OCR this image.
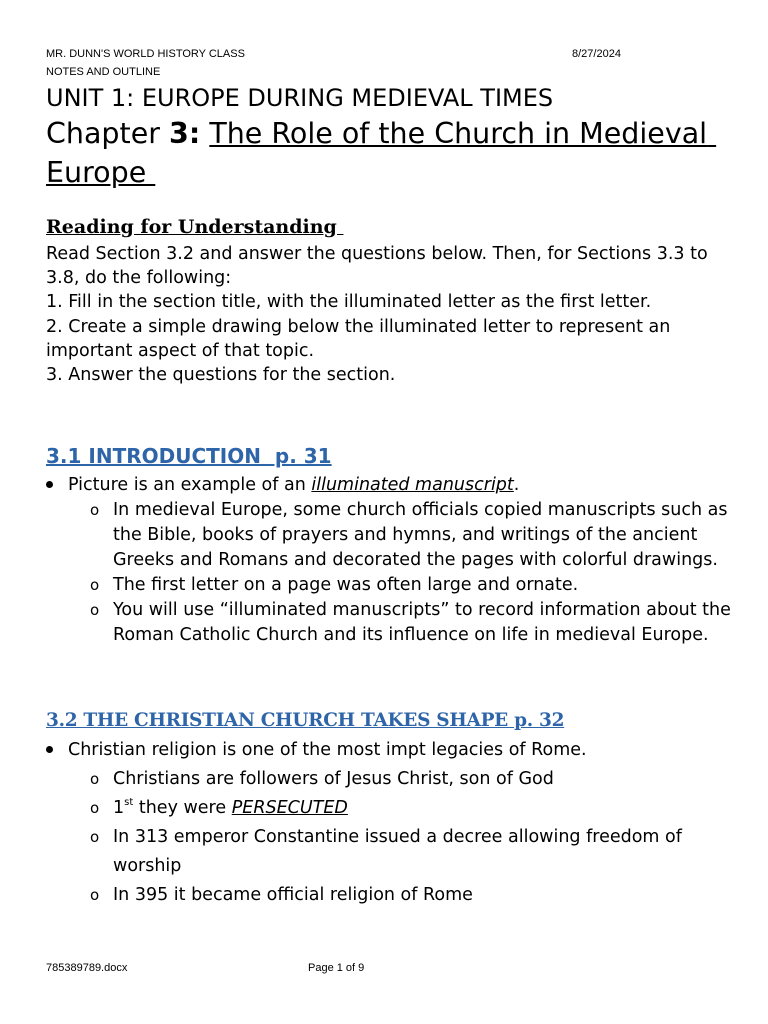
MR. DUNN'S WORLD HISTORY CLASS	8/27/2024
NOTES AND OUTLINE
UNIT 1: EUROPE DURING MEDIEVAL TIMES
Chapter 3: The Role of the Church in Medieval Europe
Reading for Understanding

Read Section 3.2 and answer the questions below. Then, for Sections 3.3 to 3.8, do the following:

1. Fill in the section title, with the illuminated letter as the first letter.

2. Create a simple drawing below the illuminated letter to represent an important aspect of that topic.

3. Answer the questions for the section.

3.1 INTRODUCTION  p. 31
Picture is an example of an illuminated manuscript.
o In medieval Europe, some church officials copied manuscripts such as the Bible, books of prayers and hymns, and writings of the ancient Greeks and Romans and decorated the pages with colorful drawings.
o The first letter on a page was often large and ornate.
o You will use “illuminated manuscripts” to record information about the Roman Catholic Church and its influence on life in medieval Europe.
3.2 THE CHRISTIAN CHURCH TAKES SHAPE p. 32
Christian religion is one of the most impt legacies of Rome.
o Christians are followers of Jesus Christ, son of God
o 1st they were PERSECUTED
o In 313 emperor Constantine issued a decree allowing freedom of worship
o In 395 it became official religion of Rome
785389789.docx	Page 1 of 9
